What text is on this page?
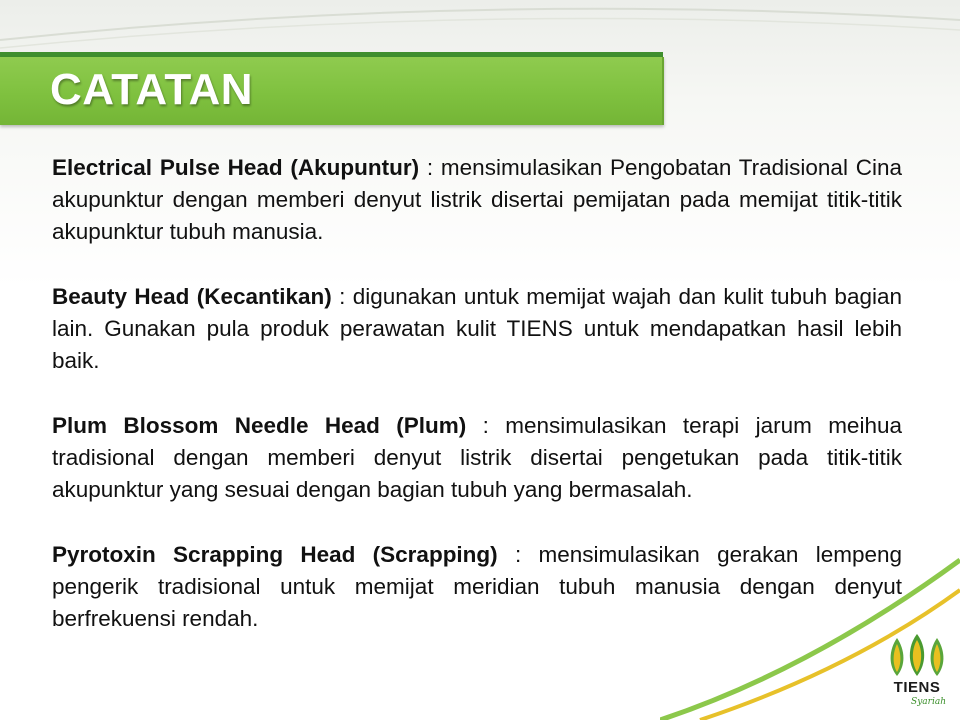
CATATAN

Electrical Pulse Head (Akupuntur) : mensimulasikan Pengobatan Tradisional Cina akupunktur dengan memberi denyut listrik disertai pemijatan pada memijat titik-titik akupunktur tubuh manusia.

Beauty Head (Kecantikan) : digunakan untuk memijat wajah dan kulit tubuh bagian lain. Gunakan pula produk perawatan kulit TIENS untuk mendapatkan hasil lebih baik.

Plum Blossom Needle Head (Plum) : mensimulasikan terapi jarum meihua tradisional dengan memberi denyut listrik disertai pengetukan pada titik-titik akupunktur yang sesuai dengan bagian tubuh yang bermasalah.

Pyrotoxin Scrapping Head (Scrapping) : mensimulasikan gerakan lempeng pengerik tradisional untuk memijat meridian tubuh manusia dengan denyut berfrekuensi rendah.

TIENS
Syariah
